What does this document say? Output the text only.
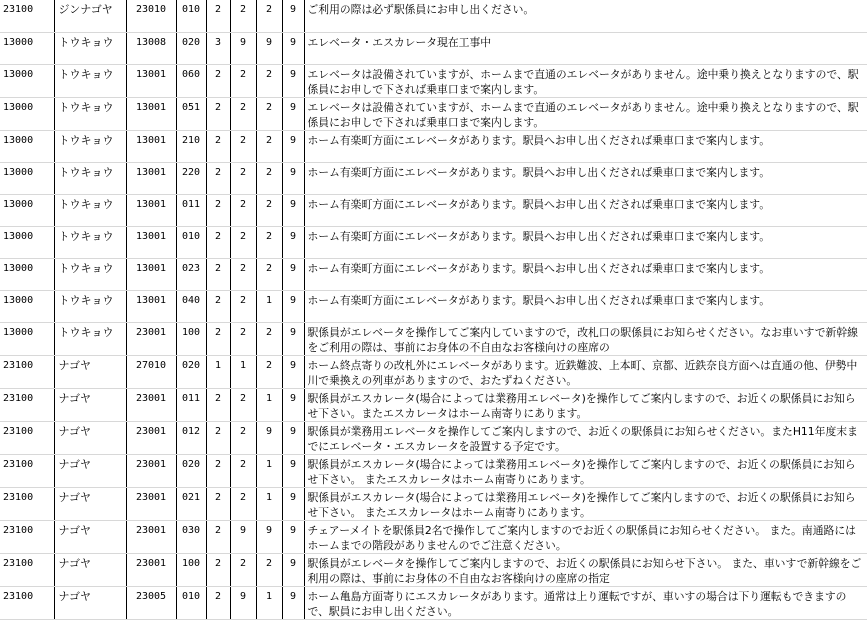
23100	ジンナゴヤ	23010	010	2	2	2	9	ご利用の際は必ず駅係員にお申し出ください。
13000	トウキョウ	13008	020	3	9	9	9	エレベータ・エスカレータ現在工事中
13000	トウキョウ	13001	060	2	2	2	9	エレベータは設備されていますが、ホームまで直通のエレベータがありません。途中乗り換えとなりますので、駅係員にお申しで下されば乗車口まで案内します。
13000	トウキョウ	13001	051	2	2	2	9	エレベータは設備されていますが、ホームまで直通のエレベータがありません。途中乗り換えとなりますので、駅係員にお申しで下されば乗車口まで案内します。
13000	トウキョウ	13001	210	2	2	2	9	ホーム有楽町方面にエレベータがあります。駅員へお申し出くだされば乗車口まで案内します。
13000	トウキョウ	13001	220	2	2	2	9	ホーム有楽町方面にエレベータがあります。駅員へお申し出くだされば乗車口まで案内します。
13000	トウキョウ	13001	011	2	2	2	9	ホーム有楽町方面にエレベータがあります。駅員へお申し出くだされば乗車口まで案内します。
13000	トウキョウ	13001	010	2	2	2	9	ホーム有楽町方面にエレベータがあります。駅員へお申し出くだされば乗車口まで案内します。
13000	トウキョウ	13001	023	2	2	2	9	ホーム有楽町方面にエレベータがあります。駅員へお申し出くだされば乗車口まで案内します。
13000	トウキョウ	13001	040	2	2	1	9	ホーム有楽町方面にエレベータがあります。駅員へお申し出くだされば乗車口まで案内します。
13000	トウキョウ	23001	100	2	2	2	9	駅係員がエレベータを操作してご案内していますので，改札口の駅係員にお知らせください。なお車いすで新幹線をご利用の際は、事前にお身体の不自由なお客様向けの座席の
23100	ナゴヤ	27010	020	1	1	2	9	ホーム終点寄りの改札外にエレベータがあります。近鉄難波、上本町、京都、近鉄奈良方面へは直通の他、伊勢中川で乗換えの列車がありますので、おたずねください。
23100	ナゴヤ	23001	011	2	2	1	9	駅係員がエスカレータ(場合によっては業務用エレベータ)を操作してご案内しますので、お近くの駅係員にお知らせ下さい。またエスカレータはホーム南寄りにあります。
23100	ナゴヤ	23001	012	2	2	9	9	駅係員が業務用エレベータを操作してご案内しますので、お近くの駅係員にお知らせください。またH11年度末までにエレベータ・エスカレータを設置する予定です。
23100	ナゴヤ	23001	020	2	2	1	9	駅係員がエスカレータ(場合によっては業務用エレベータ)を操作してご案内しますので、お近くの駅係員にお知らせ下さい。 またエスカレータはホーム南寄りにあります。
23100	ナゴヤ	23001	021	2	2	1	9	駅係員がエスカレータ(場合によっては業務用エレベータ)を操作してご案内しますので、お近くの駅係員にお知らせ下さい。 またエスカレータはホーム南寄りにあります。
23100	ナゴヤ	23001	030	2	9	9	9	チェアーメイトを駅係員2名で操作してご案内しますのでお近くの駅係員にお知らせください。 また。南通路にはホームまでの階段がありませんのでご注意ください。
23100	ナゴヤ	23001	100	2	2	2	9	駅係員がエレベータを操作してご案内しますので、お近くの駅係員にお知らせ下さい。 また、車いすで新幹線をご利用の際は、事前にお身体の不自由なお客様向けの座席の指定
23100	ナゴヤ	23005	010	2	9	1	9	ホーム亀島方面寄りにエスカレータがあります。通常は上り運転ですが、車いすの場合は下り運転もできますので、駅員にお申し出ください。
